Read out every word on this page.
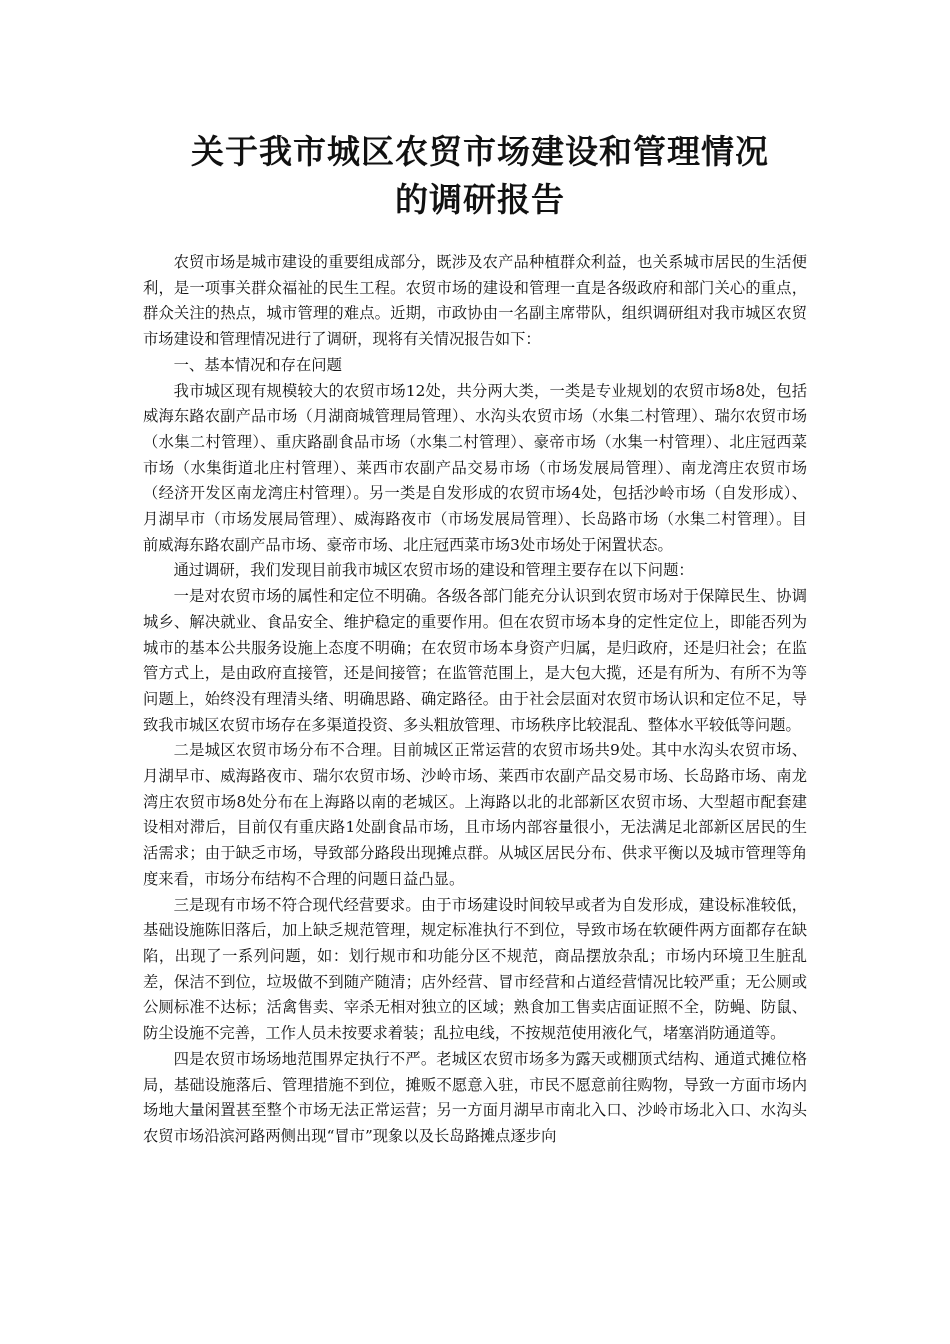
关于我市城区农贸市场建设和管理情况
的调研报告

农贸市场是城市建设的重要组成部分，既涉及农产品种植群众利益，也关系城市居民的生活便利，是一项事关群众福祉的民生工程。农贸市场的建设和管理一直是各级政府和部门关心的重点，群众关注的热点，城市管理的难点。近期，市政协由一名副主席带队，组织调研组对我市城区农贸市场建设和管理情况进行了调研，现将有关情况报告如下：

一、基本情况和存在问题

我市城区现有规模较大的农贸市场12处，共分两大类，一类是专业规划的农贸市场8处，包括威海东路农副产品市场（月湖商城管理局管理）、水沟头农贸市场（水集二村管理）、瑞尔农贸市场（水集二村管理）、重庆路副食品市场（水集二村管理）、豪帝市场（水集一村管理）、北庄冠西菜市场（水集街道北庄村管理）、莱西市农副产品交易市场（市场发展局管理）、南龙湾庄农贸市场（经济开发区南龙湾庄村管理）。另一类是自发形成的农贸市场4处，包括沙岭市场（自发形成）、月湖早市（市场发展局管理）、威海路夜市（市场发展局管理）、长岛路市场（水集二村管理）。目前威海东路农副产品市场、豪帝市场、北庄冠西菜市场3处市场处于闲置状态。

通过调研，我们发现目前我市城区农贸市场的建设和管理主要存在以下问题：

一是对农贸市场的属性和定位不明确。各级各部门能充分认识到农贸市场对于保障民生、协调城乡、解决就业、食品安全、维护稳定的重要作用。但在农贸市场本身的定性定位上，即能否列为城市的基本公共服务设施上态度不明确；在农贸市场本身资产归属，是归政府，还是归社会；在监管方式上，是由政府直接管，还是间接管；在监管范围上，是大包大揽，还是有所为、有所不为等问题上，始终没有理清头绪、明确思路、确定路径。由于社会层面对农贸市场认识和定位不足，导致我市城区农贸市场存在多渠道投资、多头粗放管理、市场秩序比较混乱、整体水平较低等问题。

二是城区农贸市场分布不合理。目前城区正常运营的农贸市场共9处。其中水沟头农贸市场、月湖早市、威海路夜市、瑞尔农贸市场、沙岭市场、莱西市农副产品交易市场、长岛路市场、南龙湾庄农贸市场8处分布在上海路以南的老城区。上海路以北的北部新区农贸市场、大型超市配套建设相对滞后，目前仅有重庆路1处副食品市场，且市场内部容量很小，无法满足北部新区居民的生活需求；由于缺乏市场，导致部分路段出现摊点群。从城区居民分布、供求平衡以及城市管理等角度来看，市场分布结构不合理的问题日益凸显。

三是现有市场不符合现代经营要求。由于市场建设时间较早或者为自发形成，建设标准较低，基础设施陈旧落后，加上缺乏规范管理，规定标准执行不到位，导致市场在软硬件两方面都存在缺陷，出现了一系列问题，如：划行规市和功能分区不规范，商品摆放杂乱；市场内环境卫生脏乱差，保洁不到位，垃圾做不到随产随清；店外经营、冒市经营和占道经营情况比较严重；无公厕或公厕标准不达标；活禽售卖、宰杀无相对独立的区域；熟食加工售卖店面证照不全，防蝇、防鼠、防尘设施不完善，工作人员未按要求着装；乱拉电线，不按规范使用液化气，堵塞消防通道等。

四是农贸市场场地范围界定执行不严。老城区农贸市场多为露天或棚顶式结构、通道式摊位格局，基础设施落后、管理措施不到位，摊贩不愿意入驻，市民不愿意前往购物，导致一方面市场内场地大量闲置甚至整个市场无法正常运营；另一方面月湖早市南北入口、沙岭市场北入口、水沟头农贸市场沿滨河路两侧出现“冒市”现象以及长岛路摊点逐步向
